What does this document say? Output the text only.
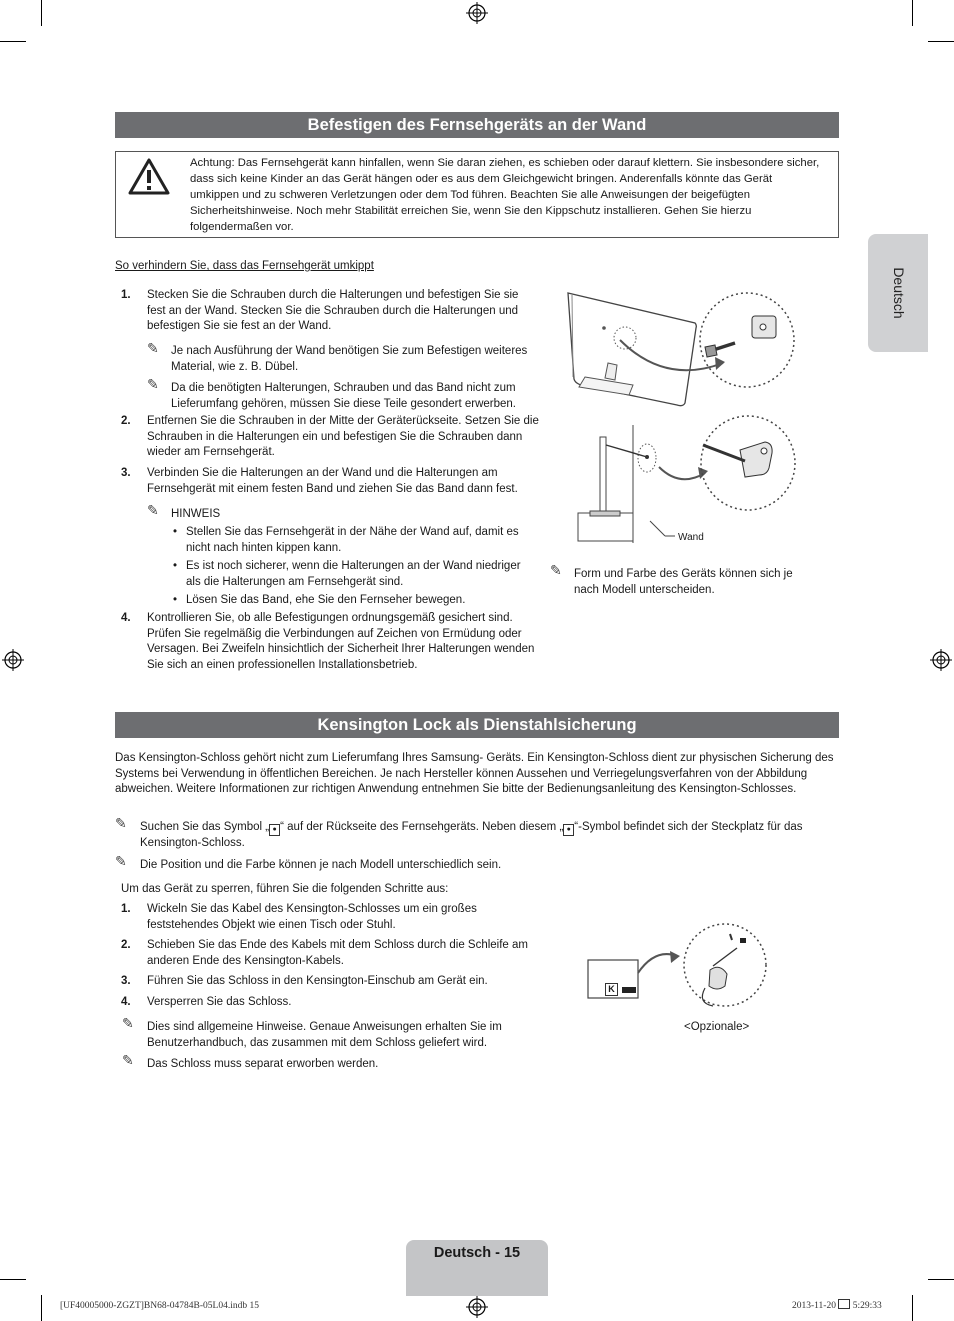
Deutsch
Befestigen des Fernsehgeräts an der Wand
Achtung: Das Fernsehgerät kann hinfallen, wenn Sie daran ziehen, es schieben oder darauf klettern. Sie insbesondere sicher, dass sich keine Kinder an das Gerät hängen oder es aus dem Gleichgewicht bringen. Anderenfalls könnte das Gerät umkippen und zu schweren Verletzungen oder dem Tod führen. Beachten Sie alle Anweisungen der beigefügten Sicherheitshinweise. Noch mehr Stabilität erreichen Sie, wenn Sie den Kippschutz installieren. Gehen Sie hierzu folgendermaßen vor.
So verhindern Sie, dass das Fernsehgerät umkippt
1. Stecken Sie die Schrauben durch die Halterungen und befestigen Sie sie fest an der Wand. Stecken Sie die Schrauben durch die Halterungen und befestigen Sie sie fest an der Wand.
✎ Je nach Ausführung der Wand benötigen Sie zum Befestigen weiteres Material, wie z. B. Dübel.
✎ Da die benötigten Halterungen, Schrauben und das Band nicht zum Lieferumfang gehören, müssen Sie diese Teile gesondert erwerben.
2. Entfernen Sie die Schrauben in der Mitte der Geräterückseite. Setzen Sie die Schrauben in die Halterungen ein und befestigen Sie die Schrauben dann wieder am Fernsehgerät.
3. Verbinden Sie die Halterungen an der Wand und die Halterungen am Fernsehgerät mit einem festen Band und ziehen Sie das Band dann fest.
✎ HINWEIS
• Stellen Sie das Fernsehgerät in der Nähe der Wand auf, damit es nicht nach hinten kippen kann.
• Es ist noch sicherer, wenn die Halterungen an der Wand niedriger als die Halterungen am Fernsehgerät sind.
• Lösen Sie das Band, ehe Sie den Fernseher bewegen.
4. Kontrollieren Sie, ob alle Befestigungen ordnungsgemäß gesichert sind. Prüfen Sie regelmäßig die Verbindungen auf Zeichen von Ermüdung oder Versagen. Bei Zweifeln hinsichtlich der Sicherheit Ihrer Halterungen wenden Sie sich an einen professionellen Installationsbetrieb.
Wand
✎ Form und Farbe des Geräts können sich je nach Modell unterscheiden.
Kensington Lock als Dienstahlsicherung
Das Kensington-Schloss gehört nicht zum Lieferumfang Ihres Samsung- Geräts. Ein Kensington-Schloss dient zur physischen Sicherung des Systems bei Verwendung in öffentlichen Bereichen. Je nach Hersteller können Aussehen und Verriegelungsverfahren von der Abbildung abweichen. Weitere Informationen zur richtigen Anwendung entnehmen Sie bitte der Bedienungsanleitung des Kensington-Schlosses.
✎ Suchen Sie das Symbol „ ● “ auf der Rückseite des Fernsehgeräts. Neben diesem „ ● “-Symbol befindet sich der Steckplatz für das Kensington-Schloss.
✎ Die Position und die Farbe können je nach Modell unterschiedlich sein.
Um das Gerät zu sperren, führen Sie die folgenden Schritte aus:
1. Wickeln Sie das Kabel des Kensington-Schlosses um ein großes feststehendes Objekt wie einen Tisch oder Stuhl.
2. Schieben Sie das Ende des Kabels mit dem Schloss durch die Schleife am anderen Ende des Kensington-Kabels.
3. Führen Sie das Schloss in den Kensington-Einschub am Gerät ein.
4. Versperren Sie das Schloss.
✎ Dies sind allgemeine Hinweise. Genaue Anweisungen erhalten Sie im Benutzerhandbuch, das zusammen mit dem Schloss geliefert wird.
✎ Das Schloss muss separat erworben werden.
K
<Opzionale>
Deutsch - 15
[UF40005000-ZGZT]BN68-04784B-05L04.indb 15	2013-11-20  5:29:33
